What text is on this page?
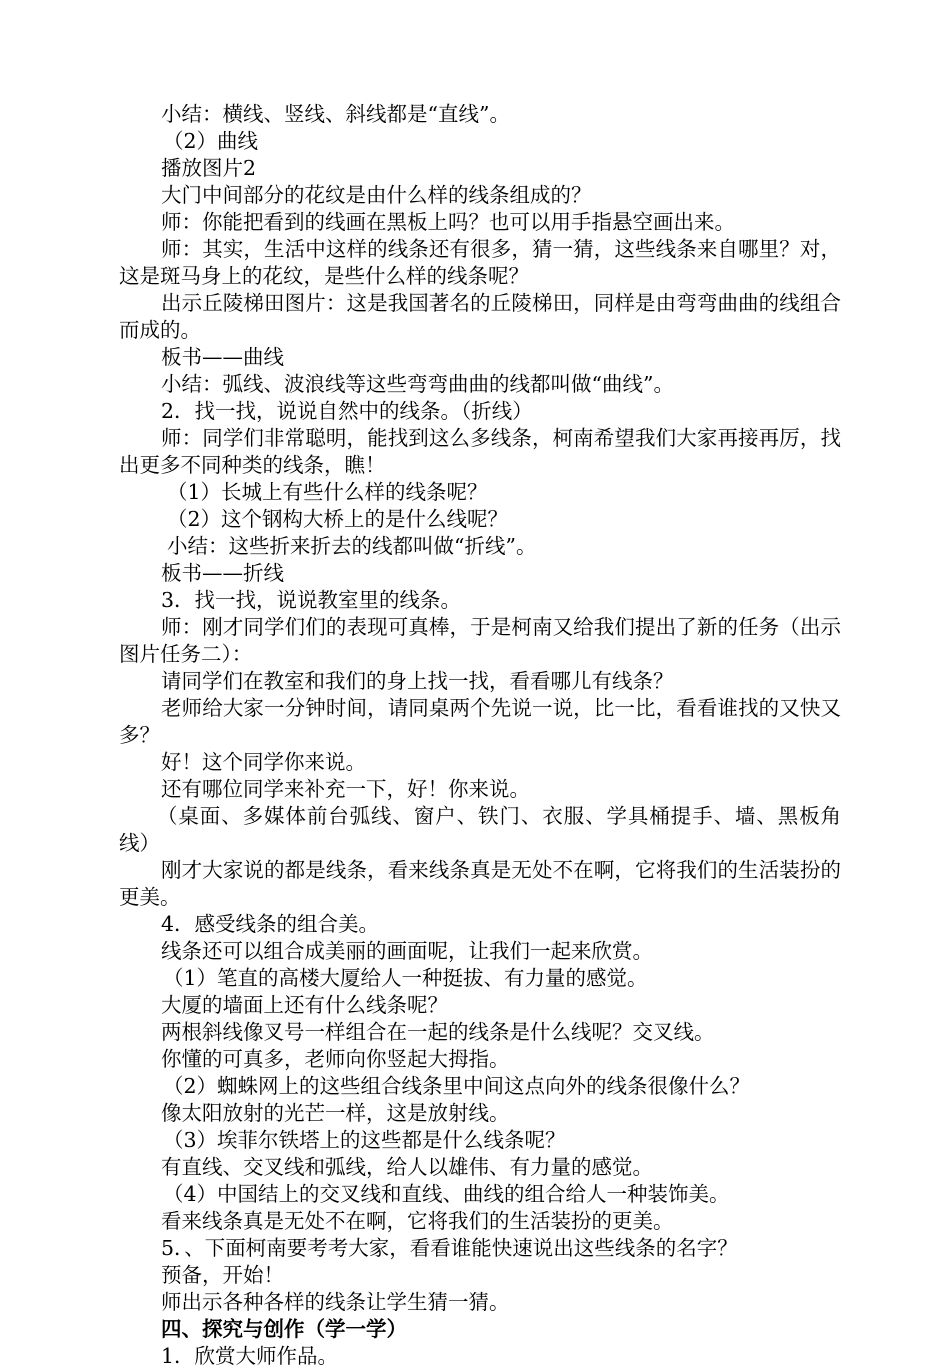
小结：横线、竖线、斜线都是“直线”。

（2）曲线

播放图片2

大门中间部分的花纹是由什么样的线条组成的？

师：你能把看到的线画在黑板上吗？也可以用手指悬空画出来。

师：其实，生活中这样的线条还有很多，猜一猜，这些线条来自哪里？对，这是斑马身上的花纹，是些什么样的线条呢？

出示丘陵梯田图片：这是我国著名的丘陵梯田，同样是由弯弯曲曲的线组合而成的。

板书——曲线

小结：弧线、波浪线等这些弯弯曲曲的线都叫做“曲线”。

2．找一找，说说自然中的线条。（折线）

师：同学们非常聪明，能找到这么多线条，柯南希望我们大家再接再厉，找出更多不同种类的线条，瞧！

（1）长城上有些什么样的线条呢？

（2）这个钢构大桥上的是什么线呢？

小结：这些折来折去的线都叫做“折线”。

板书——折线

3．找一找，说说教室里的线条。

师：刚才同学们们的表现可真棒，于是柯南又给我们提出了新的任务（出示图片任务二）：

请同学们在教室和我们的身上找一找，看看哪儿有线条？

老师给大家一分钟时间，请同桌两个先说一说，比一比，看看谁找的又快又多？

好！这个同学你来说。

还有哪位同学来补充一下，好！你来说。

（桌面、多媒体前台弧线、窗户、铁门、衣服、学具桶提手、墙、黑板角线）

刚才大家说的都是线条，看来线条真是无处不在啊，它将我们的生活装扮的更美。

4．感受线条的组合美。

线条还可以组合成美丽的画面呢，让我们一起来欣赏。

（1）笔直的高楼大厦给人一种挺拔、有力量的感觉。

大厦的墙面上还有什么线条呢？

两根斜线像叉号一样组合在一起的线条是什么线呢？交叉线。

你懂的可真多，老师向你竖起大拇指。

（2）蜘蛛网上的这些组合线条里中间这点向外的线条很像什么？

像太阳放射的光芒一样，这是放射线。

（3）埃菲尔铁塔上的这些都是什么线条呢？

有直线、交叉线和弧线，给人以雄伟、有力量的感觉。

（4）中国结上的交叉线和直线、曲线的组合给人一种装饰美。

看来线条真是无处不在啊，它将我们的生活装扮的更美。

5．、下面柯南要考考大家，看看谁能快速说出这些线条的名字？

预备，开始！

师出示各种各样的线条让学生猜一猜。

四、探究与创作（学一学）

1．欣赏大师作品。
